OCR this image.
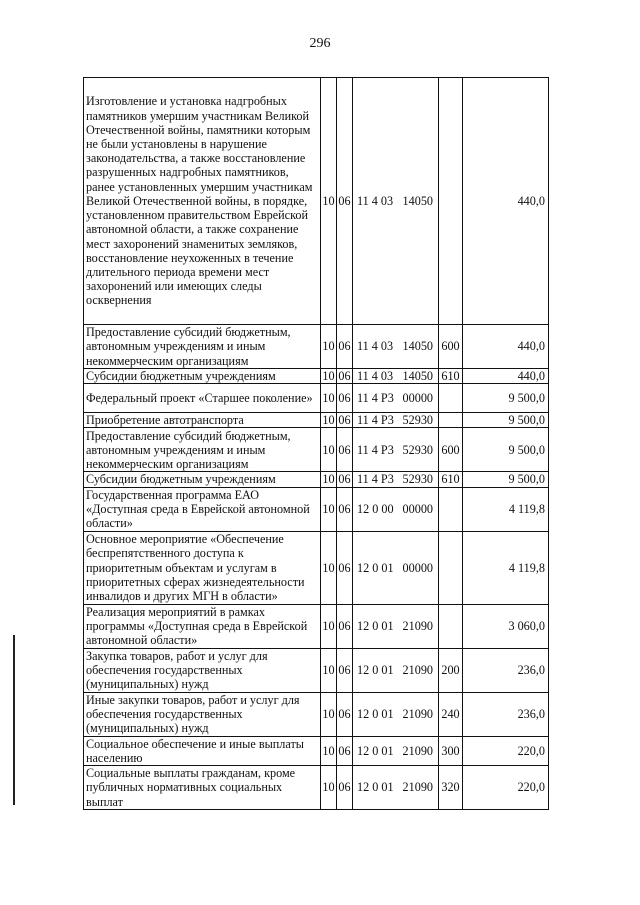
296
Изготовление и установка надгробных памятников умершим участникам Великой Отечественной войны, памятники которым не были установлены в нарушение законодательства, а также восстановление разрушенных надгробных памятников, ранее установленных умершим участникам Великой Отечественной войны, в порядке, установленном правительством Еврейской автономной области, а также сохранение мест захоронений знаменитых земляков, восстановление неухоженных в течение длительного периода времени мест захоронений или имеющих следы осквернения	10	06	11 4 03 14050		440,0
Предоставление субсидий бюджетным, автономным учреждениям и иным некоммерческим организациям	10	06	11 4 03 14050	600	440,0
Субсидии бюджетным учреждениям	10	06	11 4 03 14050	610	440,0
Федеральный проект «Старшее поколение»	10	06	11 4 P3 00000		9 500,0
Приобретение автотранспорта	10	06	11 4 P3 52930		9 500,0
Предоставление субсидий бюджетным, автономным учреждениям и иным некоммерческим организациям	10	06	11 4 P3 52930	600	9 500,0
Субсидии бюджетным учреждениям	10	06	11 4 P3 52930	610	9 500,0
Государственная программа ЕАО «Доступная среда в Еврейской автономной области»	10	06	12 0 00 00000		4 119,8
Основное мероприятие «Обеспечение беспрепятственного доступа к приоритетным объектам и услугам в приоритетных сферах жизнедеятельности инвалидов и других МГН в области»	10	06	12 0 01 00000		4 119,8
Реализация мероприятий в рамках программы «Доступная среда в Еврейской автономной области»	10	06	12 0 01 21090		3 060,0
Закупка товаров, работ и услуг для обеспечения государственных (муниципальных) нужд	10	06	12 0 01 21090	200	236,0
Иные закупки товаров, работ и услуг для обеспечения государственных (муниципальных) нужд	10	06	12 0 01 21090	240	236,0
Социальное обеспечение и иные выплаты населению	10	06	12 0 01 21090	300	220,0
Социальные выплаты гражданам, кроме публичных нормативных социальных выплат	10	06	12 0 01 21090	320	220,0
